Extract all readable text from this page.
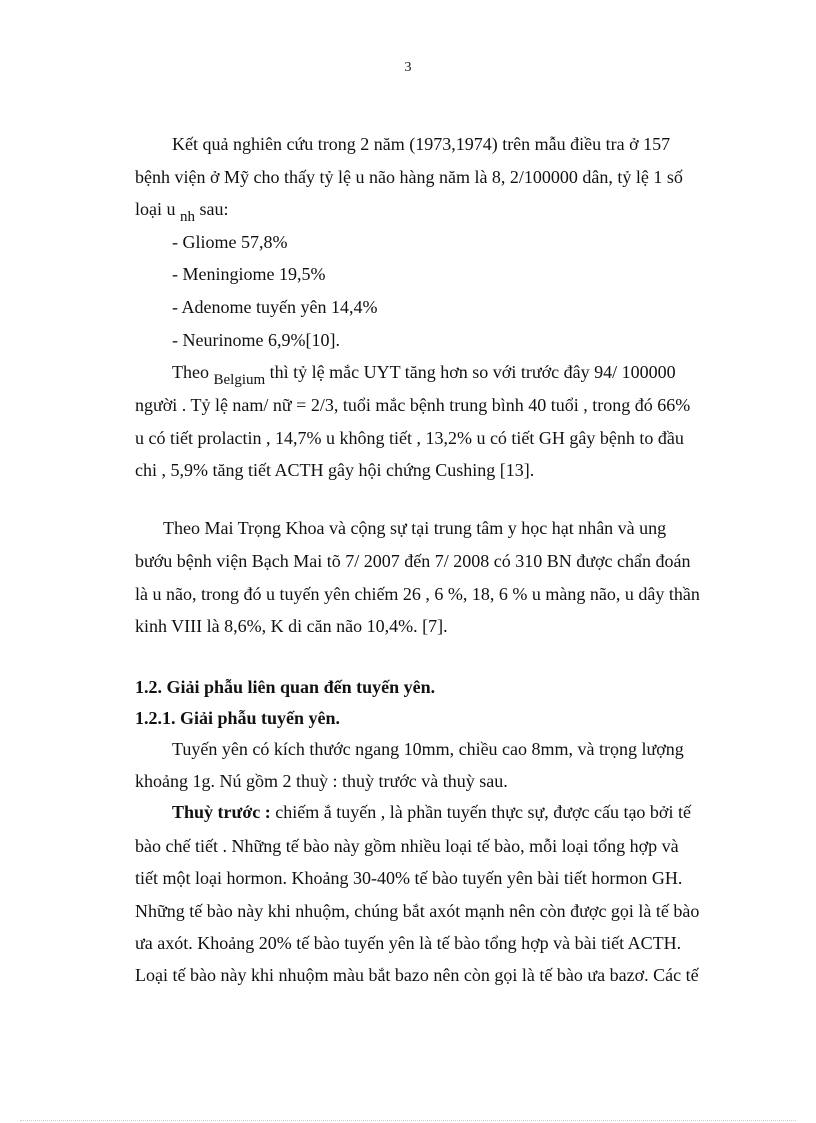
3
Kết quả nghiên cứu trong 2 năm (1973,1974) trên mẫu điều tra ở 157
bệnh viện ở Mỹ cho thấy tỷ lệ u não hàng năm là 8, 2/100000 dân, tỷ lệ 1 số
loại u $_{nh}$ sau:
- Gliome 57,8%
- Meningiome 19,5%
- Adenome tuyến yên 14,4%
- Neurinome 6,9%[10].
Theo $_{Belgium}$ thì tỷ lệ mắc UYT tăng hơn so với trước đây 94/ 100000
người . Tỷ lệ nam/ nữ = 2/3, tuổi mắc bệnh trung bình 40 tuổi , trong đó 66%
u có tiết prolactin , 14,7% u không tiết , 13,2% u có tiết GH gây bệnh to đầu
chi , 5,9% tăng tiết ACTH gây hội chứng Cushing [13].
Theo Mai Trọng Khoa và cộng sự tại trung tâm y học hạt nhân và ung
bướu bệnh viện Bạch Mai tõ 7/ 2007 đến 7/ 2008 có 310 BN được chẩn đoán
là u não, trong đó u tuyến yên chiếm 26 , 6 %, 18, 6 % u màng não, u dây thần
kinh VIII là 8,6%, K di căn não 10,4%. [7].
1.2. Giải phẫu liên quan đến tuyến yên.
1.2.1. Giải phẫu tuyến yên.
Tuyến yên có kích thước ngang 10mm, chiều cao 8mm, và trọng lượng
khoảng 1g. Nú gồm 2 thuỳ : thuỳ trước và thuỳ sau.
Thuỳ trước : chiếm ắ tuyến , là phần tuyến thực sự, được cấu tạo bởi tế
bào chế tiết . Những tế bào này gồm nhiều loại tế bào, mỗi loại tổng hợp và
tiết một loại hormon. Khoảng 30-40% tế bào tuyến yên bài tiết hormon GH.
Những tế bào này khi nhuộm, chúng bắt axót mạnh nên còn được gọi là tế bào
ưa axót. Khoảng 20% tế bào tuyến yên là tế bào tổng hợp và bài tiết ACTH.
Loại tế bào này khi nhuộm màu bắt bazo nên còn gọi là tế bào ưa bazơ. Các tế
